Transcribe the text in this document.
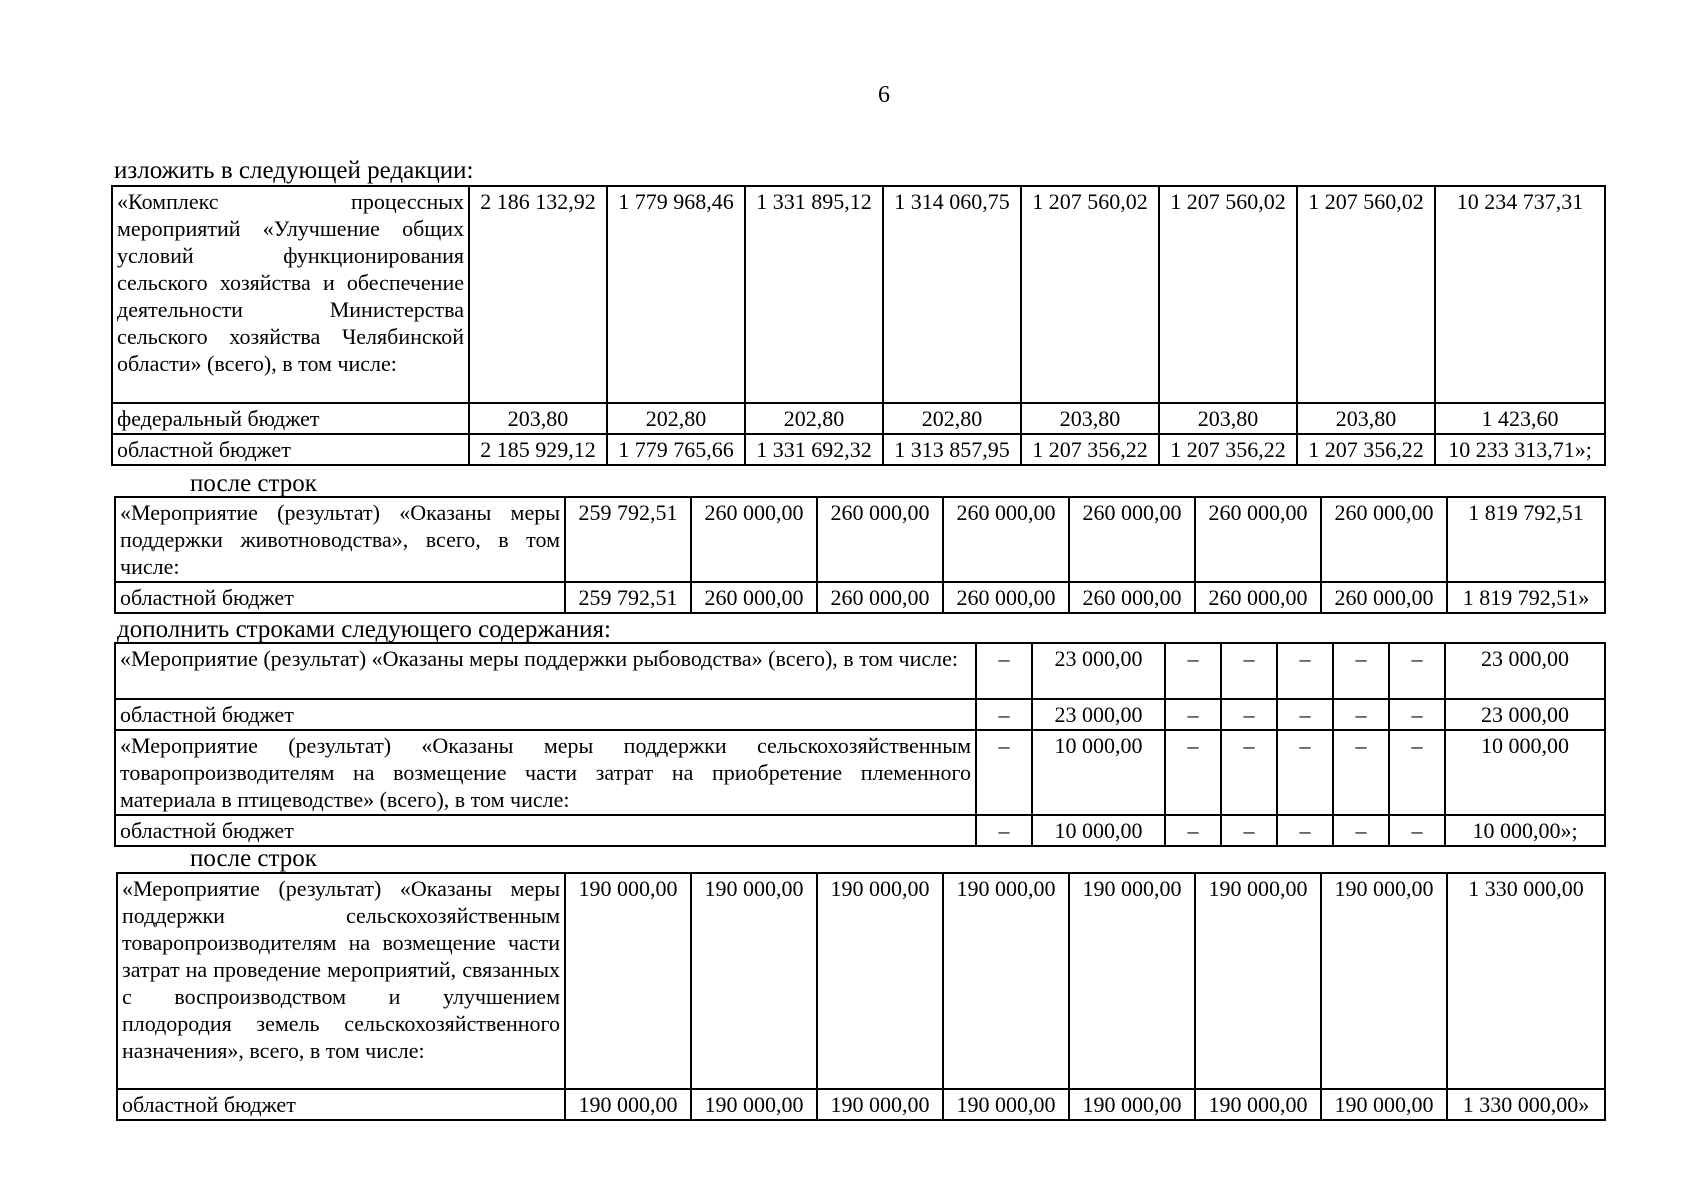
6
изложить в следующей редакции:
«Комплекс процессных мероприятий «Улучшение общих условий функционирования сельского хозяйства и обеспечение деятельности Министерства сельского хозяйства Челябинской области» (всего), в том числе:	2 186 132,92	1 779 968,46	1 331 895,12	1 314 060,75	1 207 560,02	1 207 560,02	1 207 560,02	10 234 737,31
федеральный бюджет	203,80	202,80	202,80	202,80	203,80	203,80	203,80	1 423,60
областной бюджет	2 185 929,12	1 779 765,66	1 331 692,32	1 313 857,95	1 207 356,22	1 207 356,22	1 207 356,22	10 233 313,71»;
после строк
«Мероприятие (результат) «Оказаны меры поддержки животноводства», всего, в том числе:	259 792,51	260 000,00	260 000,00	260 000,00	260 000,00	260 000,00	260 000,00	1 819 792,51
областной бюджет	259 792,51	260 000,00	260 000,00	260 000,00	260 000,00	260 000,00	260 000,00	1 819 792,51»
дополнить строками следующего содержания:
«Мероприятие (результат) «Оказаны меры поддержки рыбоводства» (всего), в том числе:	–	23 000,00	–	–	–	–	–	23 000,00
областной бюджет	–	23 000,00	–	–	–	–	–	23 000,00
«Мероприятие (результат) «Оказаны меры поддержки сельскохозяйственным товаропроизводителям на возмещение части затрат на приобретение племенного материала в птицеводстве» (всего), в том числе:	–	10 000,00	–	–	–	–	–	10 000,00
областной бюджет	–	10 000,00	–	–	–	–	–	10 000,00»;
после строк
«Мероприятие (результат) «Оказаны меры поддержки сельскохозяйственным товаропроизводителям на возмещение части затрат на проведение мероприятий, связанных с воспроизводством и улучшением плодородия земель сельскохозяйственного назначения», всего, в том числе:	190 000,00	190 000,00	190 000,00	190 000,00	190 000,00	190 000,00	190 000,00	1 330 000,00
областной бюджет	190 000,00	190 000,00	190 000,00	190 000,00	190 000,00	190 000,00	190 000,00	1 330 000,00»
